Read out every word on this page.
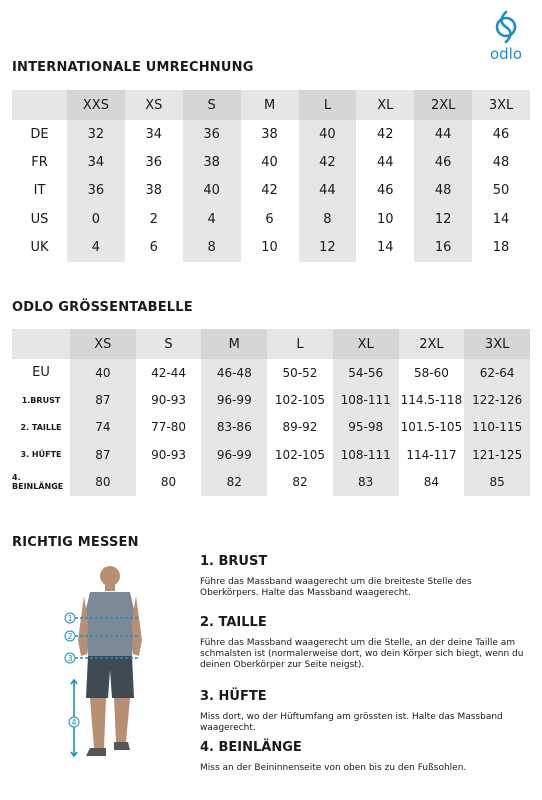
odlo
INTERNATIONALE UMRECHNUNG
XXS	XS	S	M	L	XL	2XL	3XL
DE	32	34	36	38	40	42	44	46
FR	34	36	38	40	42	44	46	48
IT	36	38	40	42	44	46	48	50
US	0	2	4	6	8	10	12	14
UK	4	6	8	10	12	14	16	18
ODLO GRÖSSENTABELLE
XS	S	M	L	XL	2XL	3XL
EU	40	42-44	46-48	50-52	54-56	58-60	62-64
1.BRUST	87	90-93	96-99	102-105	108-111 114.5-118 122-126
2. TAILLE	74	77-80	83-86	89-92	95-98	101.5-105 110-115
3. HÜFTE	87	90-93	96-99	102-105	108-111	114-117	121-125
4. BEINLÄNGE	80	80	82	82	83	84	85
RICHTIG MESSEN
1
2
3
4
1. BRUST
Führe das Massband waagerecht um die breiteste Stelle des Oberkörpers. Halte das Massband waagerecht.
2. TAILLE
Führe das Massband waagerecht um die Stelle, an der deine Taille am schmalsten ist (normalerweise dort, wo dein Körper sich biegt, wenn du deinen Oberkörper zur Seite neigst).
3. HÜFTE
Miss dort, wo der Hüftumfang am grössten ist. Halte das Massband waagerecht.
4. BEINLÄNGE
Miss an der Beininnenseite von oben bis zu den Fußsohlen.
